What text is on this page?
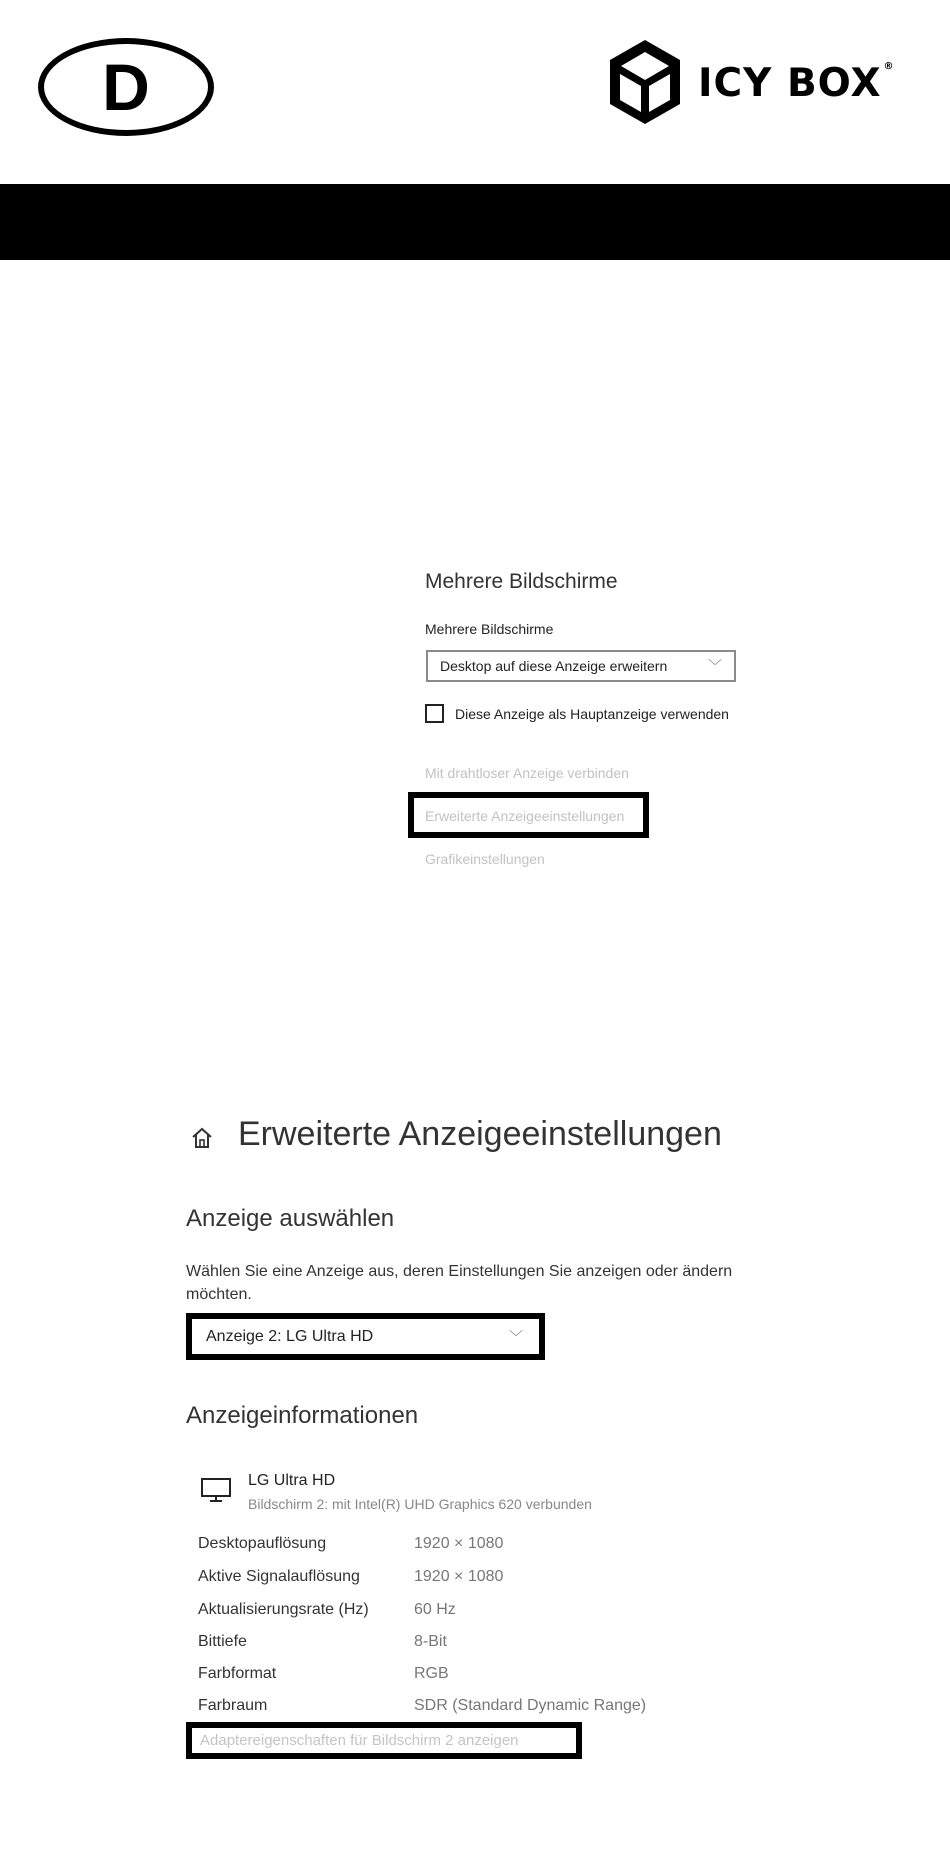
D	ICY BOX ®
Mehrere Bildschirme
Mehrere Bildschirme
Desktop auf diese Anzeige erweitern	﹀
Diese Anzeige als Hauptanzeige verwenden
Mit drahtloser Anzeige verbinden
Erweiterte Anzeigeeinstellungen
Grafikeinstellungen
Erweiterte Anzeigeeinstellungen
Anzeige auswählen
Wählen Sie eine Anzeige aus, deren Einstellungen Sie anzeigen oder ändern möchten.
Anzeige 2: LG Ultra HD	﹀
Anzeigeinformationen
LG Ultra HD
Bildschirm 2: mit Intel(R) UHD Graphics 620 verbunden
Desktopauflösung	1920 × 1080
Aktive Signalauflösung	1920 × 1080
Aktualisierungsrate (Hz)	60 Hz
Bittiefe	8-Bit
Farbformat	RGB
Farbraum	SDR (Standard Dynamic Range)
Adaptereigenschaften für Bildschirm 2 anzeigen
